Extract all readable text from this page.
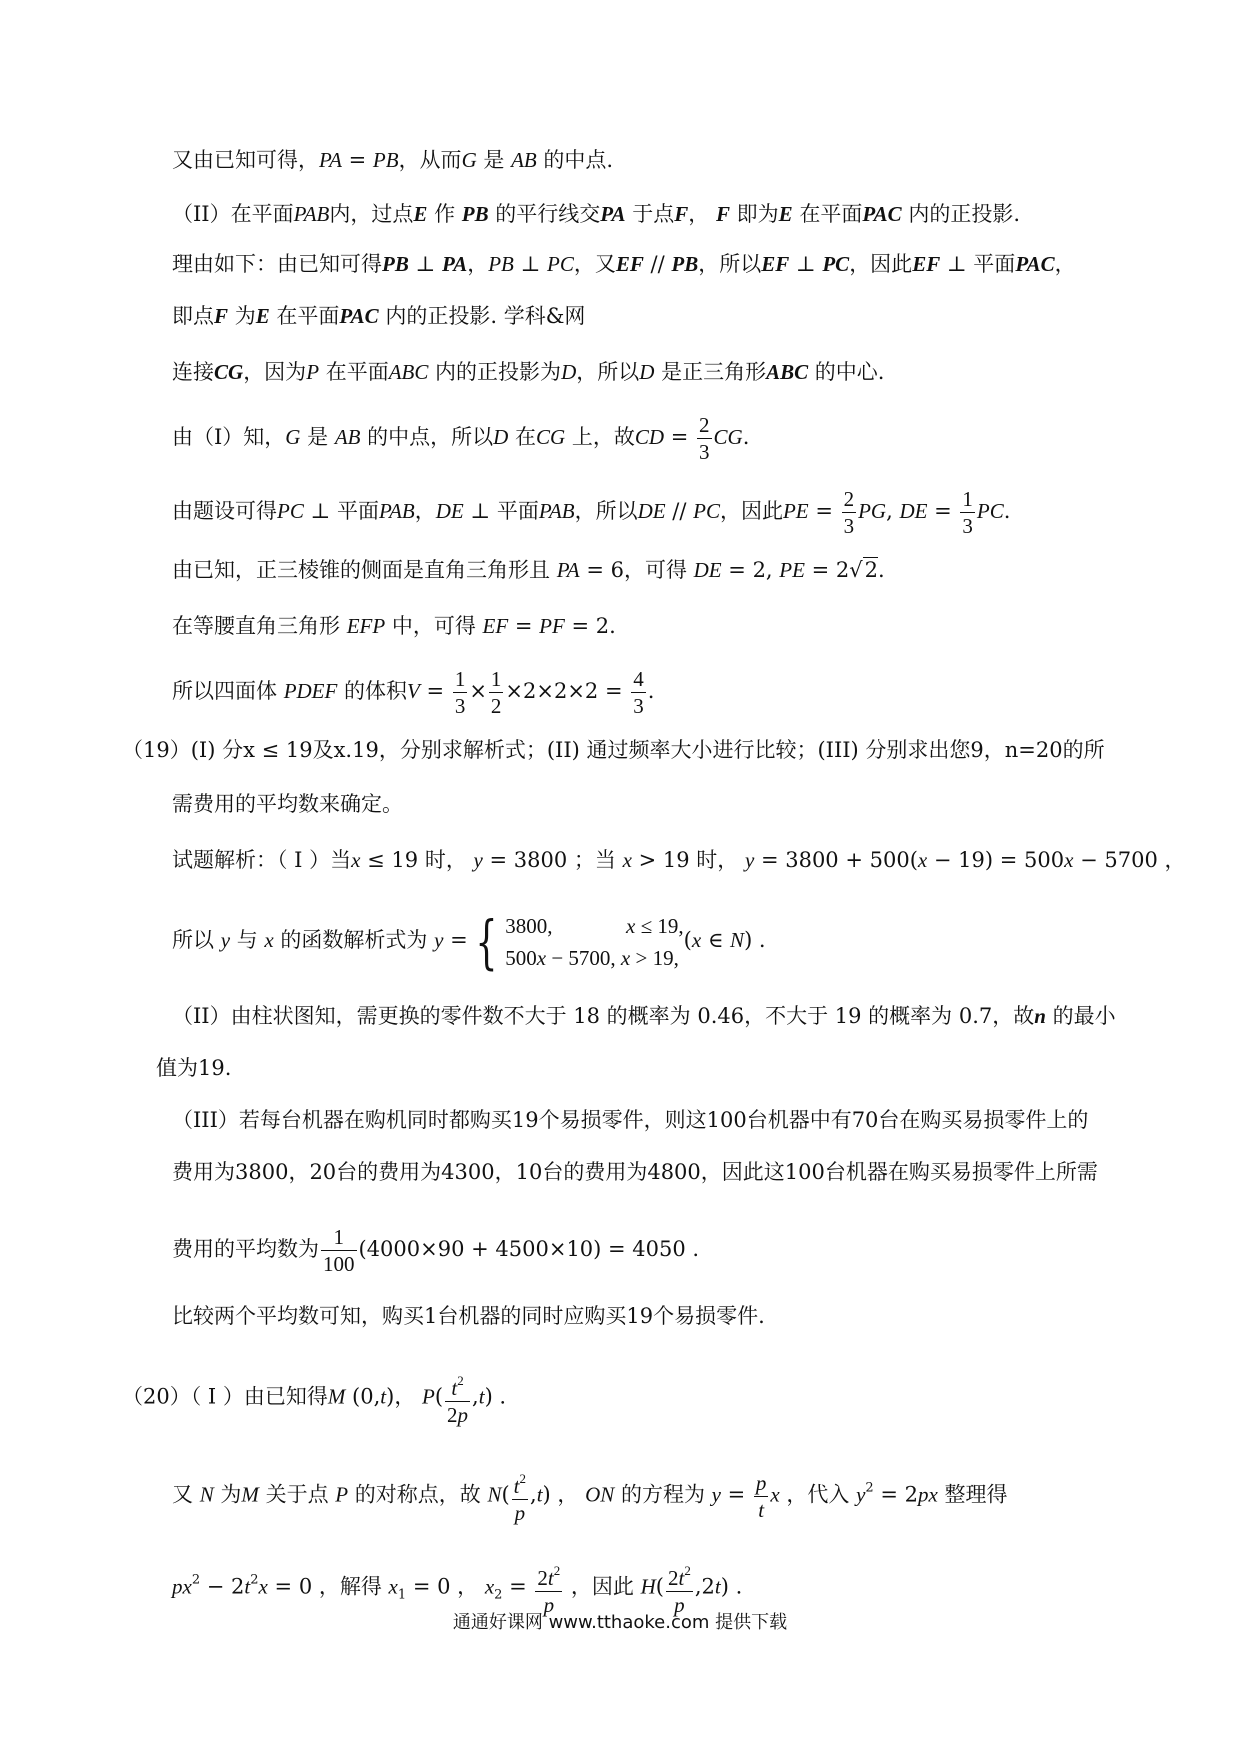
又由已知可得，PA = PB，从而G 是 AB 的中点.
（II）在平面PAB内，过点E 作 PB 的平行线交PA 于点F， F 即为E 在平面PAC 内的正投影.
理由如下：由已知可得PB ⊥ PA，PB ⊥ PC，又EF // PB，所以EF ⊥ PC，因此EF ⊥ 平面PAC，
即点F 为E 在平面PAC 内的正投影. 学科&网
连接CG，因为P 在平面ABC 内的正投影为D，所以D 是正三角形ABC 的中心.
由（I）知，G 是 AB 的中点，所以D 在CG 上，故CD = $\frac{2}{3}$ CG.
由题设可得PC ⊥ 平面PAB，DE ⊥ 平面PAB，所以DE // PC，因此PE = $\frac{2}{3}$ PG, DE = $\frac{1}{3}$ PC.
由已知，正三棱锥的侧面是直角三角形且 PA = 6，可得 DE = 2, PE = 2√2.
在等腰直角三角形 EFP 中，可得 EF = PF = 2.
所以四面体 PDEF 的体积$V = \frac{1}{3} \times \frac{1}{2} \times 2\times 2\times 2 = \frac{4}{3}$ .
（19）(I) 分x ≤ 19及x.19，分别求解析式；(II) 通过频率大小进行比较；(III) 分别求出您9，n=20的所
需费用的平均数来确定。
试题解析：（ I ）当x ≤ 19 时， y = 3800 ；当 x > 19 时， y = 3800 + 500(x − 19) = 500x − 5700 ，
所以 y 与 x 的函数解析式为 y = { 3800,              x ≤ 19,
500x − 5700, x > 19,
(x ∈ N) .
（II）由柱状图知，需更换的零件数不大于 18 的概率为 0.46，不大于 19 的概率为 0.7，故n 的最小
值为19.
（III）若每台机器在购机同时都购买19个易损零件，则这100台机器中有70台在购买易损零件上的
费用为3800，20台的费用为4300，10台的费用为4800，因此这100台机器在购买易损零件上所需
费用的平均数为 $\frac{1}{100} (4000\times 90 + 4500\times 10) = 4050$ .
比较两个平均数可知，购买1台机器的同时应购买19个易损零件.
（20）（ I ）由已知得M (0,t)， $P( \frac{t^2}{2p} ,t)$ .
又 N 为M 关于点 P 的对称点，故 $N( \frac{t^2}{p} ,t)$ ， ON 的方程为 $y = \frac{p}{t}$ x ，代入 $y^2 = 2px$ 整理得
$px^2 - 2t^2x = 0$ ，解得 $x_1 = 0$ ， $x_2 = \frac{2t^2}{p}$ ，因此 $H( \frac{2t^2}{p} ,2t)$ .
通通好课网 www.tthaoke.com 提供下载
